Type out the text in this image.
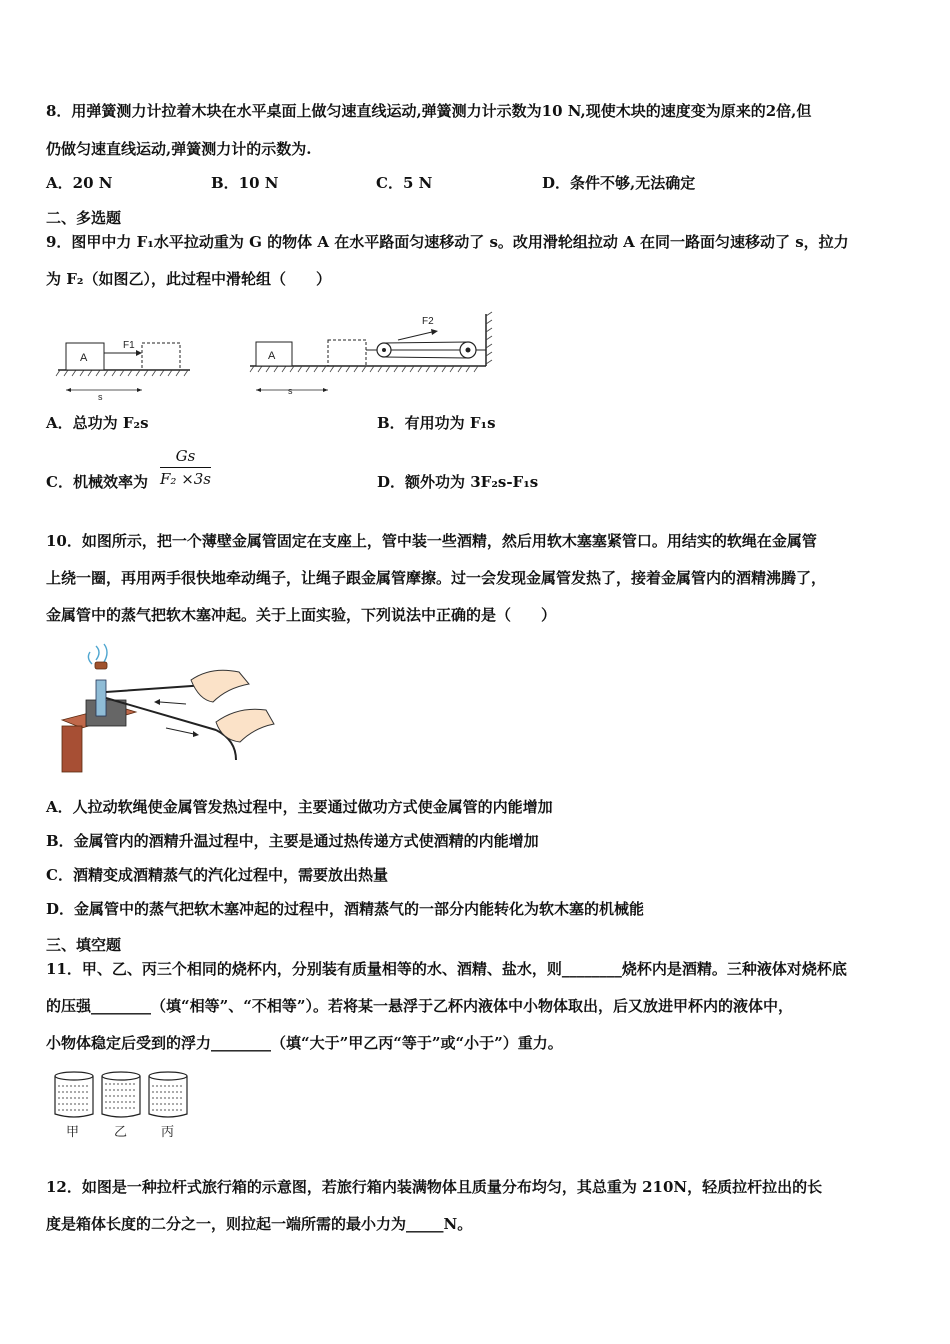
8．用弹簧测力计拉着木块在水平桌面上做匀速直线运动,弹簧测力计示数为10 N,现使木块的速度变为原来的2倍,但
仍做匀速直线运动,弹簧测力计的示数为.
A．20 N	B．10 N	C．5 N	D．条件不够,无法确定
二、多选题
9．图甲中力 F₁水平拉动重为 G 的物体 A 在水平路面匀速移动了 s。改用滑轮组拉动 A 在同一路面匀速移动了 s，拉力
为 F₂（如图乙），此过程中滑轮组（　　）
A
F1
s
A
F2
s
A．总功为 F₂s	B．有用功为 F₁s
C．机械效率为 $\frac{Gs}{\text{F₂ ×3s}}$	D．额外功为 3F₂s-F₁s
10．如图所示，把一个薄壁金属管固定在支座上，管中装一些酒精，然后用软木塞塞紧管口。用结实的软绳在金属管
上绕一圈，再用两手很快地牵动绳子，让绳子跟金属管摩擦。过一会发现金属管发热了，接着金属管内的酒精沸腾了，
金属管中的蒸气把软木塞冲起。关于上面实验，下列说法中正确的是（　　）
A．人拉动软绳使金属管发热过程中，主要通过做功方式使金属管的内能增加
B．金属管内的酒精升温过程中，主要是通过热传递方式使酒精的内能增加
C．酒精变成酒精蒸气的汽化过程中，需要放出热量
D．金属管中的蒸气把软木塞冲起的过程中，酒精蒸气的一部分内能转化为软木塞的机械能
三、填空题
11．甲、乙、丙三个相同的烧杯内，分别装有质量相等的水、酒精、盐水，则________烧杯内是酒精。三种液体对烧杯底
的压强________（填“相等”、“不相等”）。若将某一悬浮于乙杯内液体中小物体取出，后又放进甲杯内的液体中，
小物体稳定后受到的浮力________（填“大于”甲乙丙“等于”或“小于”）重力。
甲	乙	丙
12．如图是一种拉杆式旅行箱的示意图，若旅行箱内装满物体且质量分布均匀，其总重为 210N，轻质拉杆拉出的长
度是箱体长度的二分之一，则拉起一端所需的最小力为_____N。
